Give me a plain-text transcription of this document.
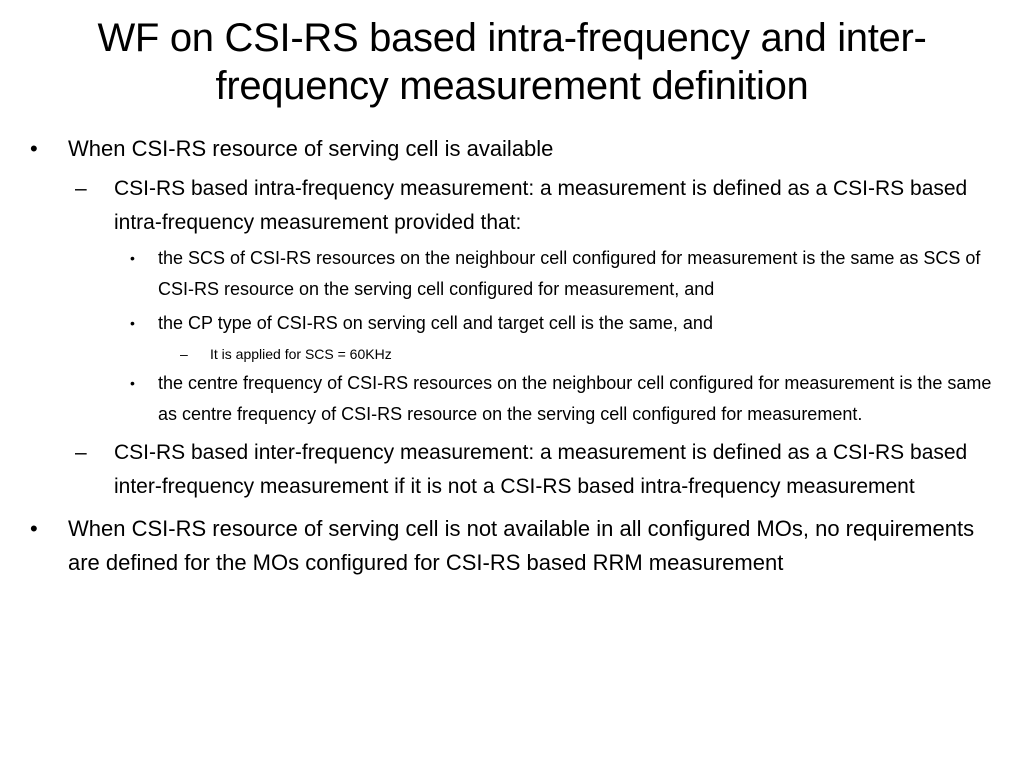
WF on CSI-RS based intra-frequency and inter-frequency measurement definition
• When CSI-RS resource of serving cell is available
– CSI-RS based intra-frequency measurement: a measurement is defined as a CSI-RS based intra-frequency measurement provided that:
• the SCS of CSI-RS resources on the neighbour cell configured for measurement is the same as SCS of CSI-RS resource on the serving cell configured for measurement, and
• the CP type of CSI-RS on serving cell and target cell is the same, and
– It is applied for SCS = 60KHz
• the centre frequency of CSI-RS resources on the neighbour cell configured for measurement is the same as centre frequency of CSI-RS resource on the serving cell configured for measurement.
– CSI-RS based inter-frequency measurement: a measurement is defined as a CSI-RS based inter-frequency measurement if it is not a CSI-RS based intra-frequency measurement
• When CSI-RS resource of serving cell is not available in all configured MOs, no requirements are defined for the MOs configured for CSI-RS based RRM measurement
